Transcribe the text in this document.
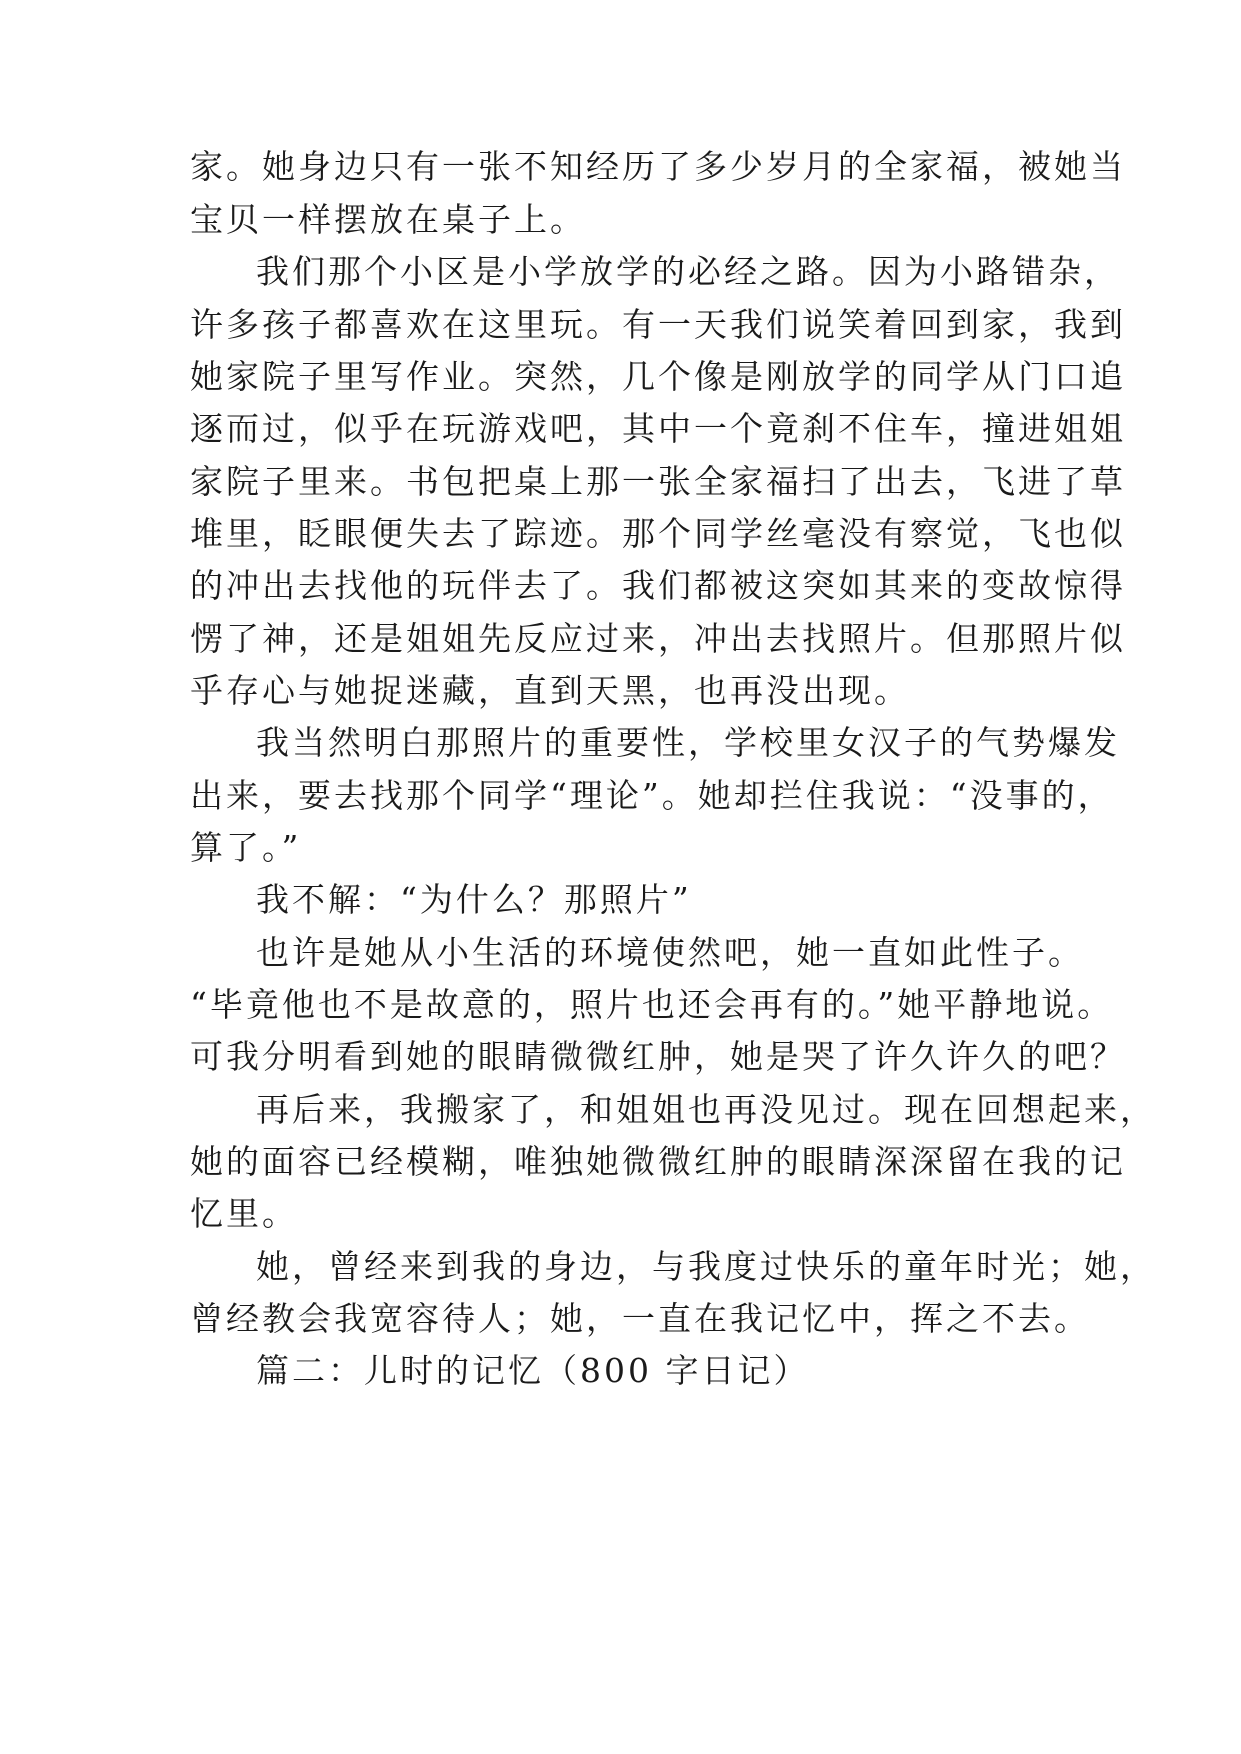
家。她身边只有一张不知经历了多少岁月的全家福，被她当
宝贝一样摆放在桌子上。
我们那个小区是小学放学的必经之路。因为小路错杂，
许多孩子都喜欢在这里玩。有一天我们说笑着回到家，我到
她家院子里写作业。突然，几个像是刚放学的同学从门口追
逐而过，似乎在玩游戏吧，其中一个竟刹不住车，撞进姐姐
家院子里来。书包把桌上那一张全家福扫了出去，飞进了草
堆里，眨眼便失去了踪迹。那个同学丝毫没有察觉，飞也似
的冲出去找他的玩伴去了。我们都被这突如其来的变故惊得
愣了神，还是姐姐先反应过来，冲出去找照片。但那照片似
乎存心与她捉迷藏，直到天黑，也再没出现。
我当然明白那照片的重要性，学校里女汉子的气势爆发
出来，要去找那个同学“理论”。她却拦住我说：“没事的，
算了。”
我不解：“为什么？那照片”
也许是她从小生活的环境使然吧，她一直如此性子。
“毕竟他也不是故意的，照片也还会再有的。”她平静地说。
可我分明看到她的眼睛微微红肿，她是哭了许久许久的吧？
再后来，我搬家了，和姐姐也再没见过。现在回想起来，
她的面容已经模糊，唯独她微微红肿的眼睛深深留在我的记
忆里。
她，曾经来到我的身边，与我度过快乐的童年时光；她，
曾经教会我宽容待人；她，一直在我记忆中，挥之不去。
篇二：儿时的记忆（800 字日记）
